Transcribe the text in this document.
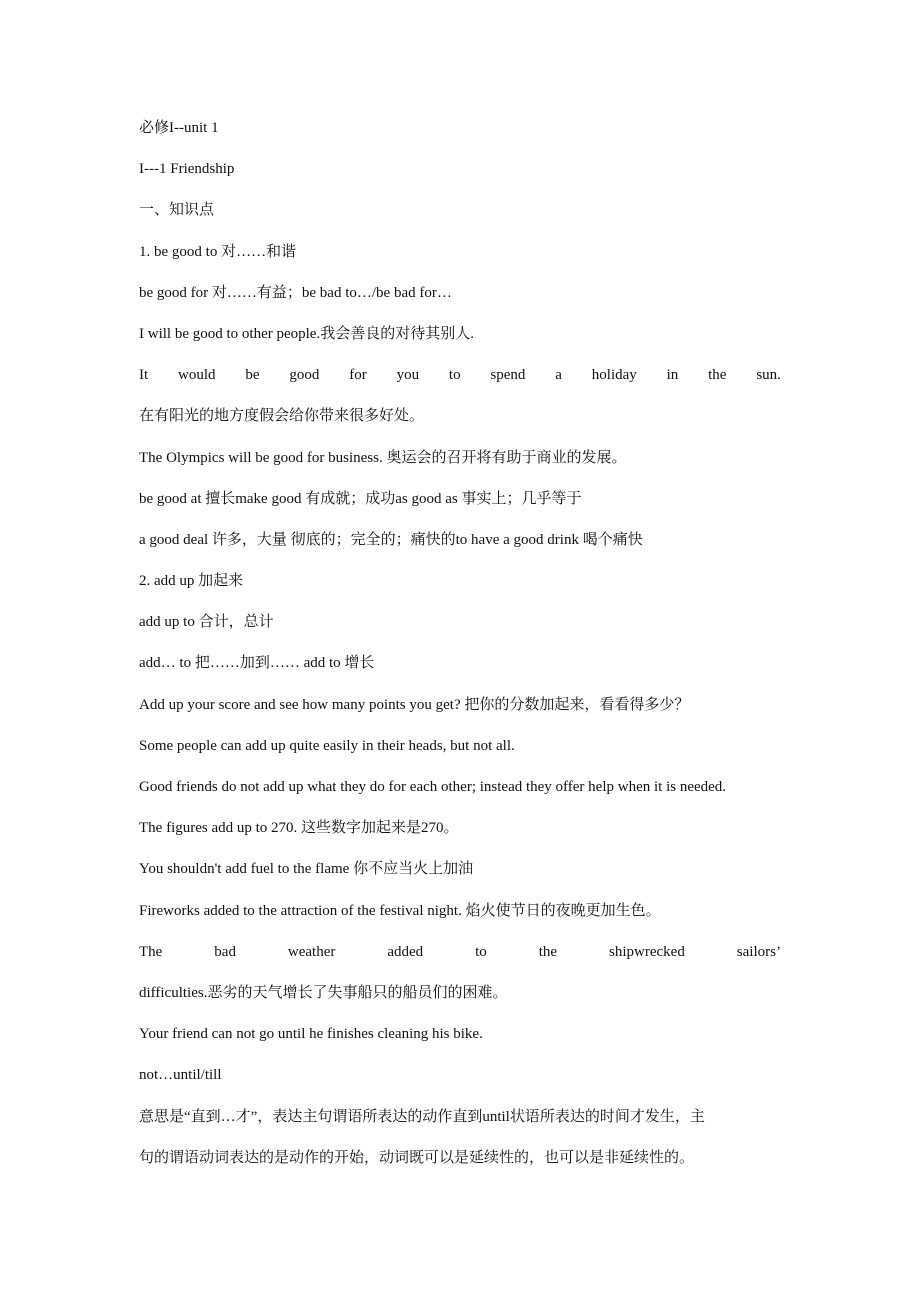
必修I--unit 1
I---1 Friendship
一、知识点
1. be good to 对……和谐
be good for 对……有益；be bad to…/be bad for…
I will be good to other people.我会善良的对待其别人.
It would be good for you to spend a holiday in the sun.
在有阳光的地方度假会给你带来很多好处。
The Olympics will be good for business. 奥运会的召开将有助于商业的发展。
be good at 擅长make good 有成就；成功as good as 事实上；几乎等于
a good deal 许多，大量 彻底的；完全的；痛快的to have a good drink 喝个痛快
2. add up 加起来
add up to 合计，总计
add… to 把……加到…… add to 增长
Add up your score and see how many points you get? 把你的分数加起来，看看得多少？
Some people can add up quite easily in their heads, but not all.
Good friends do not add up what they do for each other; instead they offer help when it is needed.
The figures add up to 270. 这些数字加起来是270。
You shouldn't add fuel to the flame 你不应当火上加油
Fireworks added to the attraction of the festival night. 焰火使节日的夜晚更加生色。
The	bad	weather	added	to	the	shipwrecked	sailors’
difficulties.恶劣的天气增长了失事船只的船员们的困难。
Your friend can not go until he finishes cleaning his bike.
not…until/till
意思是“直到…才”，表达主句谓语所表达的动作直到until状语所表达的时间才发生，主
句的谓语动词表达的是动作的开始，动词既可以是延续性的，也可以是非延续性的。
